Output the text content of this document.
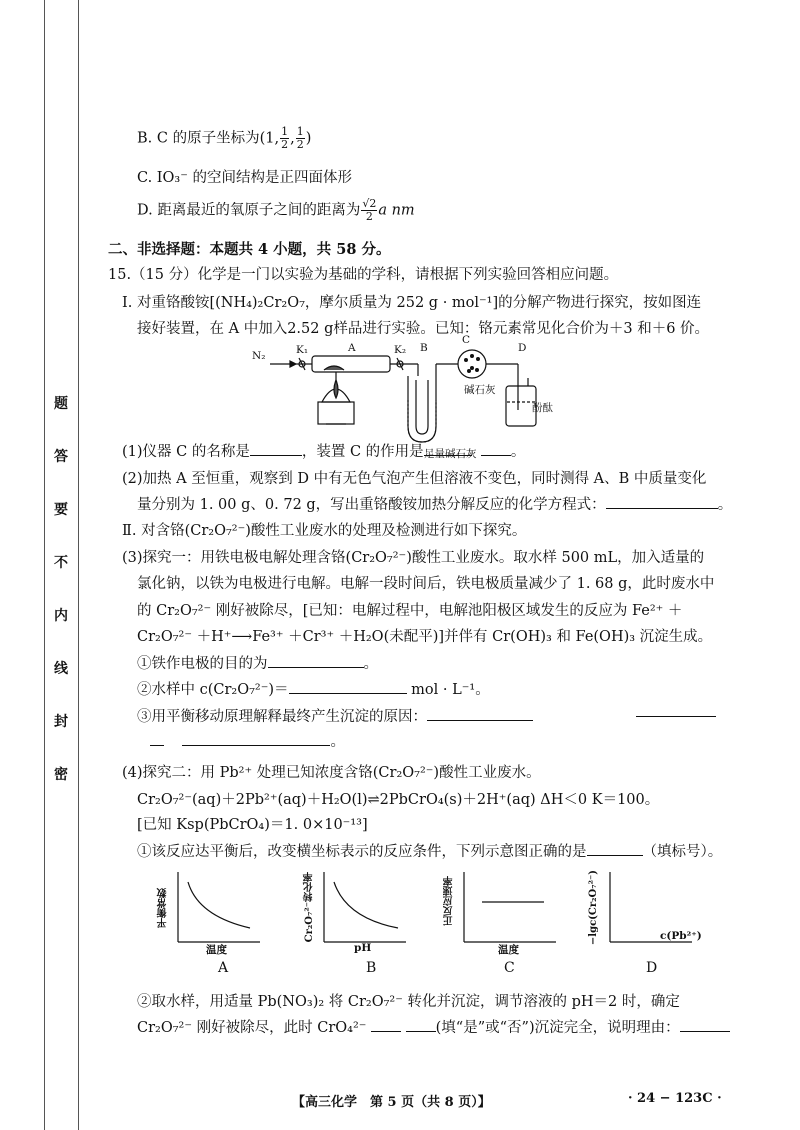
题
答
要
不
内
线
封
密
B. C 的原子坐标为(1, $\frac{1}{2}$ , $\frac{1}{2}$ )
C. IO₃⁻ 的空间结构是正四面体形
D. 距离最近的氧原子之间的距离为 $\frac{√2}{2}$ a nm
二、非选择题：本题共 4 小题，共 58 分。
15.（15 分）化学是一门以实验为基础的学科，请根据下列实验回答相应问题。
Ⅰ. 对重铬酸铵[(NH₄)₂Cr₂O₇，摩尔质量为 252 g · mol⁻¹]的分解产物进行探究，按如图连
接好装置，在 A 中加入2.52 g样品进行实验。已知：铬元素常见化合价为＋3 和＋6 价。
N₂	K₁	A	K₂ B
C
D
碱石灰
酚酞
足量碱石灰
(1)仪器 C 的名称是	，装置 C 的作用是	。
(2)加热 A 至恒重，观察到 D 中有无色气泡产生但溶液不变色，同时测得 A、B 中质量变化
量分别为 1. 00 g、0. 72 g，写出重铬酸铵加热分解反应的化学方程式：	。
Ⅱ. 对含铬(Cr₂O₇²⁻)酸性工业废水的处理及检测进行如下探究。
(3)探究一：用铁电极电解处理含铬(Cr₂O₇²⁻)酸性工业废水。取水样 500 mL，加入适量的
氯化钠，以铁为电极进行电解。电解一段时间后，铁电极质量减少了 1. 68 g，此时废水中
的 Cr₂O₇²⁻ 刚好被除尽，[已知：电解过程中，电解池阳极区域发生的反应为 Fe²⁺ ＋
Cr₂O₇²⁻ ＋H⁺⟶Fe³⁺ ＋Cr³⁺ ＋H₂O(未配平)]并伴有 Cr(OH)₃ 和 Fe(OH)₃ 沉淀生成。
①铁作电极的目的为	。
②水样中 c(Cr₂O₇²⁻)＝	mol · L⁻¹。
③用平衡移动原理解释最终产生沉淀的原因：
。
(4)探究二：用 Pb²⁺ 处理已知浓度含铬(Cr₂O₇²⁻)酸性工业废水。
Cr₂O₇²⁻(aq)＋2Pb²⁺(aq)＋H₂O(l)⇌2PbCrO₄(s)＋2H⁺(aq) ΔH＜0 K＝100。
[已知 Ksp(PbCrO₄)＝1. 0×10⁻¹³]
①该反应达平衡后，改变横坐标表示的反应条件，下列示意图正确的是	（填标号）。
平衡常数
温度
A
Cr₂O₇²⁻转化率
pH
B
正反应速率
温度
C
−lgc(Cr₂O₇²⁻)	c(Pb²⁺)
D
②取水样，用适量 Pb(NO₃)₂ 将 Cr₂O₇²⁻ 转化并沉淀，调节溶液的 pH＝2 时，确定
Cr₂O₇²⁻ 刚好被除尽，此时 CrO₄²⁻	(填“是”或“否”)沉淀完全，说明理由：
【高三化学　第 5 页（共 8 页）】	· 24 − 123C ·
